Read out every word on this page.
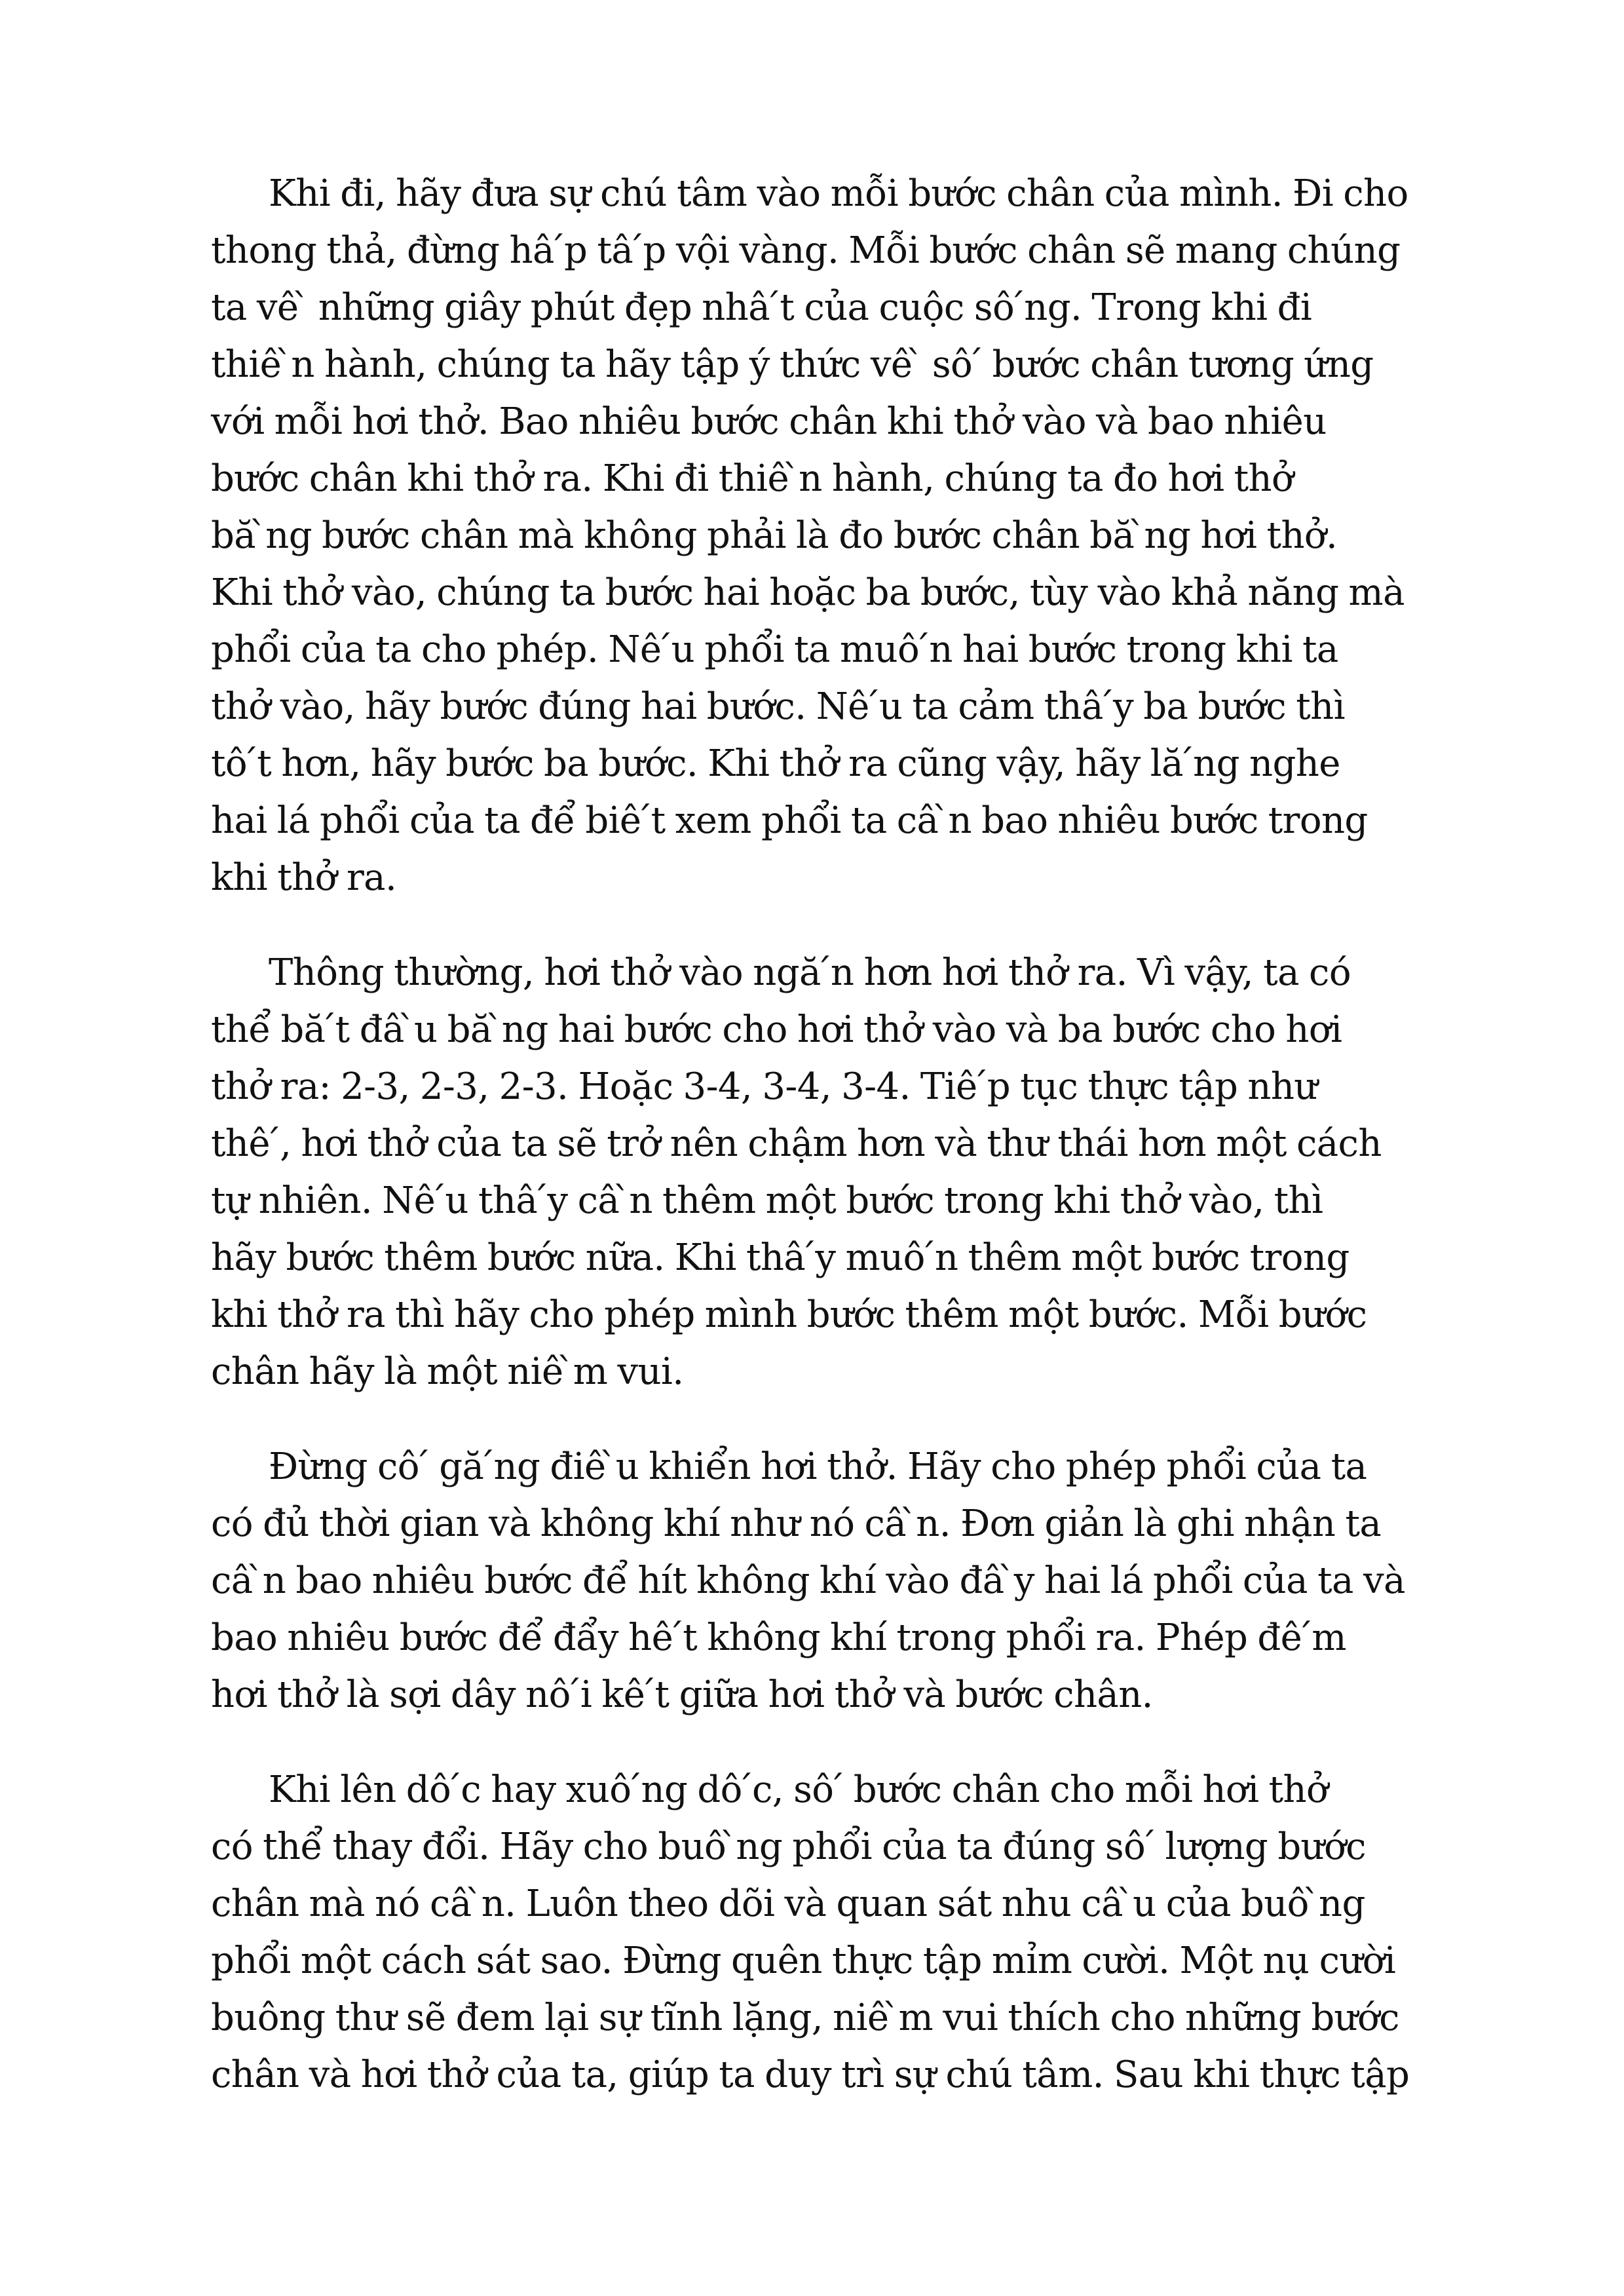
Khi đi, hãy đưa sự chú tâm vào mỗi bước chân của mình. Đi cho
thong thả, đừng hâ ́p tâ ́p vội vàng. Mỗi bước chân sẽ mang chúng
ta vê ̀ những giây phút đẹp nhâ ́t của cuộc sô ́ng. Trong khi đi
thiê ̀n hành, chúng ta hãy tập ý thức vê ̀ sô ́ bước chân tương ứng
với mỗi hơi thở. Bao nhiêu bước chân khi thở vào và bao nhiêu
bước chân khi thở ra. Khi đi thiê ̀n hành, chúng ta đo hơi thở
bă ̀ng bước chân mà không phải là đo bước chân bă ̀ng hơi thở.
Khi thở vào, chúng ta bước hai hoặc ba bước, tùy vào khả năng mà
phổi của ta cho phép. Nê ́u phổi ta muô ́n hai bước trong khi ta
thở vào, hãy bước đúng hai bước. Nê ́u ta cảm thâ ́y ba bước thì
tô ́t hơn, hãy bước ba bước. Khi thở ra cũng vậy, hãy lă ́ng nghe
hai lá phổi của ta để biê ́t xem phổi ta câ ̀n bao nhiêu bước trong
khi thở ra.
Thông thường, hơi thở vào ngă ́n hơn hơi thở ra. Vì vậy, ta có
thể bă ́t đâ ̀u bă ̀ng hai bước cho hơi thở vào và ba bước cho hơi
thở ra: 2-3, 2-3, 2-3. Hoặc 3-4, 3-4, 3-4. Tiê ́p tục thực tập như
thê ́, hơi thở của ta sẽ trở nên chậm hơn và thư thái hơn một cách
tự nhiên. Nê ́u thâ ́y câ ̀n thêm một bước trong khi thở vào, thì
hãy bước thêm bước nữa. Khi thâ ́y muô ́n thêm một bước trong
khi thở ra thì hãy cho phép mình bước thêm một bước. Mỗi bước
chân hãy là một niê ̀m vui.
Đừng cô ́ gă ́ng điê ̀u khiển hơi thở. Hãy cho phép phổi của ta
có đủ thời gian và không khí như nó câ ̀n. Đơn giản là ghi nhận ta
câ ̀n bao nhiêu bước để hít không khí vào đâ ̀y hai lá phổi của ta và
bao nhiêu bước để đẩy hê ́t không khí trong phổi ra. Phép đê ́m
hơi thở là sợi dây nô ́i kê ́t giữa hơi thở và bước chân.
Khi lên dô ́c hay xuô ́ng dô ́c, sô ́ bước chân cho mỗi hơi thở
có thể thay đổi. Hãy cho buô ̀ng phổi của ta đúng sô ́ lượng bước
chân mà nó câ ̀n. Luôn theo dõi và quan sát nhu câ ̀u của buô ̀ng
phổi một cách sát sao. Đừng quên thực tập mỉm cười. Một nụ cười
buông thư sẽ đem lại sự tĩnh lặng, niê ̀m vui thích cho những bước
chân và hơi thở của ta, giúp ta duy trì sự chú tâm. Sau khi thực tập
